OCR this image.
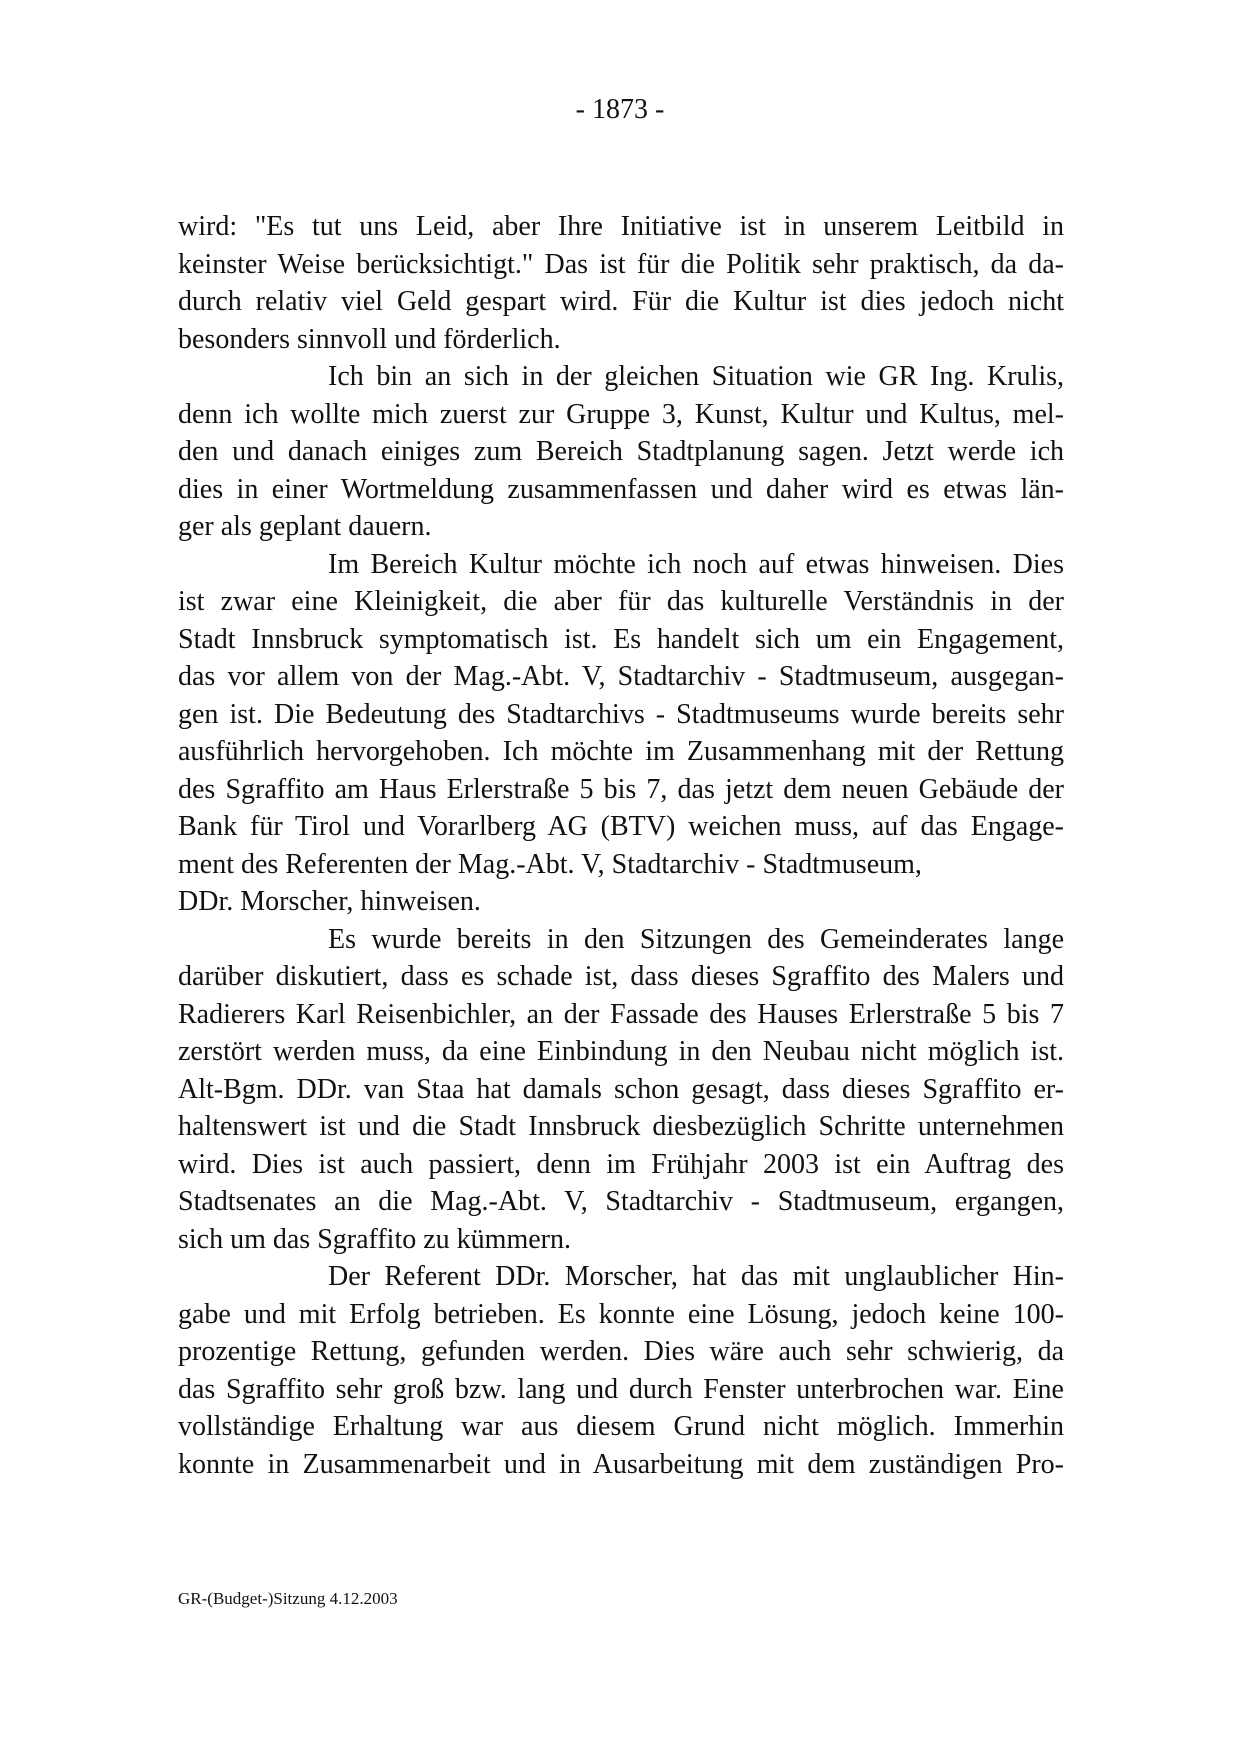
- 1873 -
wird: "Es tut uns Leid, aber Ihre Initiative ist in unserem Leitbild in
keinster Weise berücksichtigt." Das ist für die Politik sehr praktisch, da da-
durch relativ viel Geld gespart wird. Für die Kultur ist dies jedoch nicht
besonders sinnvoll und förderlich.
Ich bin an sich in der gleichen Situation wie GR Ing. Krulis,
denn ich wollte mich zuerst zur Gruppe 3, Kunst, Kultur und Kultus, mel-
den und danach einiges zum Bereich Stadtplanung sagen. Jetzt werde ich
dies in einer Wortmeldung zusammenfassen und daher wird es etwas län-
ger als geplant dauern.
Im Bereich Kultur möchte ich noch auf etwas hinweisen. Dies
ist zwar eine Kleinigkeit, die aber für das kulturelle Verständnis in der
Stadt Innsbruck symptomatisch ist. Es handelt sich um ein Engagement,
das vor allem von der Mag.-Abt. V, Stadtarchiv - Stadtmuseum, ausgegan-
gen ist. Die Bedeutung des Stadtarchivs - Stadtmuseums wurde bereits sehr
ausführlich hervorgehoben. Ich möchte im Zusammenhang mit der Rettung
des Sgraffito am Haus Erlerstraße 5 bis 7, das jetzt dem neuen Gebäude der
Bank für Tirol und Vorarlberg AG (BTV) weichen muss, auf das Engage-
ment des Referenten der Mag.-Abt. V, Stadtarchiv - Stadtmuseum,
DDr. Morscher, hinweisen.
Es wurde bereits in den Sitzungen des Gemeinderates lange
darüber diskutiert, dass es schade ist, dass dieses Sgraffito des Malers und
Radierers Karl Reisenbichler, an der Fassade des Hauses Erlerstraße 5 bis 7
zerstört werden muss, da eine Einbindung in den Neubau nicht möglich ist.
Alt-Bgm. DDr. van Staa hat damals schon gesagt, dass dieses Sgraffito er-
haltenswert ist und die Stadt Innsbruck diesbezüglich Schritte unternehmen
wird. Dies ist auch passiert, denn im Frühjahr 2003 ist ein Auftrag des
Stadtsenates an die Mag.-Abt. V, Stadtarchiv - Stadtmuseum, ergangen,
sich um das Sgraffito zu kümmern.
Der Referent DDr. Morscher, hat das mit unglaublicher Hin-
gabe und mit Erfolg betrieben. Es konnte eine Lösung, jedoch keine 100-
prozentige Rettung, gefunden werden. Dies wäre auch sehr schwierig, da
das Sgraffito sehr groß bzw. lang und durch Fenster unterbrochen war. Eine
vollständige Erhaltung war aus diesem Grund nicht möglich. Immerhin
konnte in Zusammenarbeit und in Ausarbeitung mit dem zuständigen Pro-
GR-(Budget-)Sitzung 4.12.2003
